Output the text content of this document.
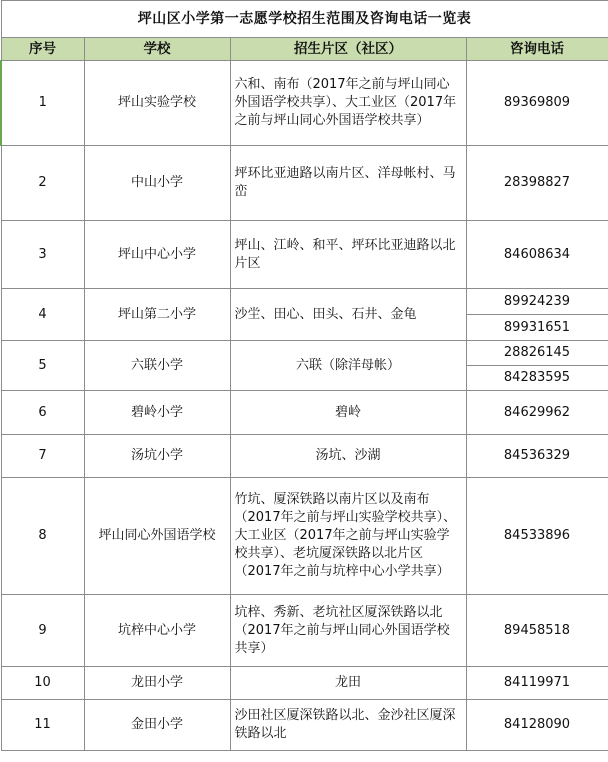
坪山区小学第一志愿学校招生范围及咨询电话一览表			
序号	学校	招生片区（社区）	咨询电话
1	坪山实验学校	六和、南布（2017年之前与坪山同心外国语学校共享）、大工业区（2017年之前与坪山同心外国语学校共享）	89369809
2	中山小学	坪环比亚迪路以南片区、洋母帐村、马峦	28398827
3	坪山中心小学	坪山、江岭、和平、坪环比亚迪路以北片区	84608634
4	坪山第二小学	沙坣、田心、田头、石井、金龟	89924239
			89931651
5	六联小学	六联（除洋母帐）	28826145
			84283595
6	碧岭小学	碧岭	84629962
7	汤坑小学	汤坑、沙湖	84536329
8	坪山同心外国语学校	竹坑、厦深铁路以南片区以及南布（2017年之前与坪山实验学校共享）、大工业区（2017年之前与坪山实验学校共享）、老坑厦深铁路以北片区（2017年之前与坑梓中心小学共享）	84533896
9	坑梓中心小学	坑梓、秀新、老坑社区厦深铁路以北（2017年之前与坪山同心外国语学校共享）	89458518
10	龙田小学	龙田	84119971
11	金田小学	沙田社区厦深铁路以北、金沙社区厦深铁路以北	84128090
